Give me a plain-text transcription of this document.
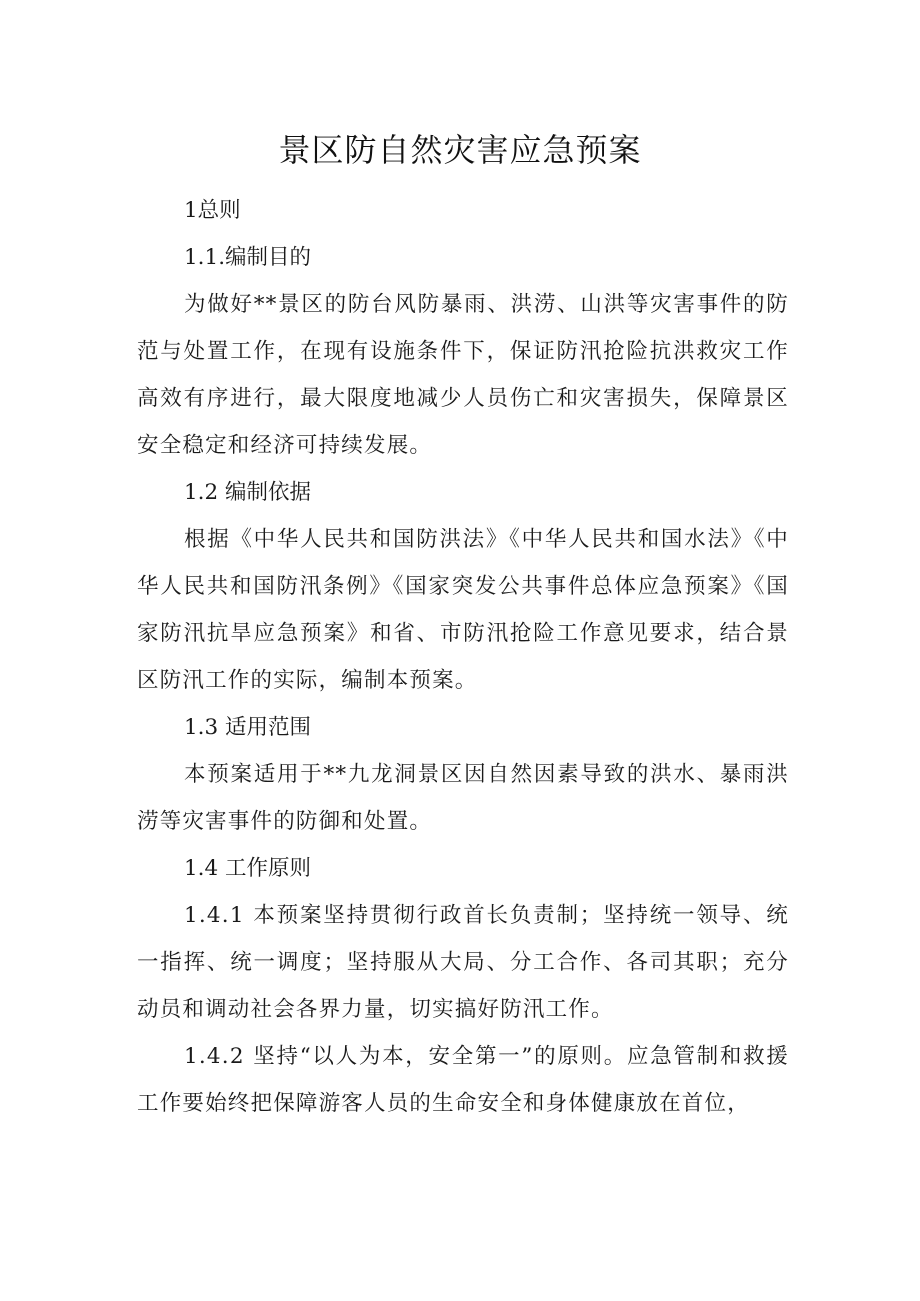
景区防自然灾害应急预案

1总则

1.1.编制目的

为做好**景区的防台风防暴雨、洪涝、山洪等灾害事件的防范与处置工作，在现有设施条件下，保证防汛抢险抗洪救灾工作高效有序进行，最大限度地减少人员伤亡和灾害损失，保障景区安全稳定和经济可持续发展。

1.2 编制依据

根据《中华人民共和国防洪法》《中华人民共和国水法》《中华人民共和国防汛条例》《国家突发公共事件总体应急预案》《国家防汛抗旱应急预案》和省、市防汛抢险工作意见要求，结合景区防汛工作的实际，编制本预案。

1.3 适用范围

本预案适用于**九龙洞景区因自然因素导致的洪水、暴雨洪涝等灾害事件的防御和处置。

1.4 工作原则

1.4.1 本预案坚持贯彻行政首长负责制；坚持统一领导、统一指挥、统一调度；坚持服从大局、分工合作、各司其职；充分动员和调动社会各界力量，切实搞好防汛工作。

1.4.2 坚持“以人为本，安全第一”的原则。应急管制和救援工作要始终把保障游客人员的生命安全和身体健康放在首位，
